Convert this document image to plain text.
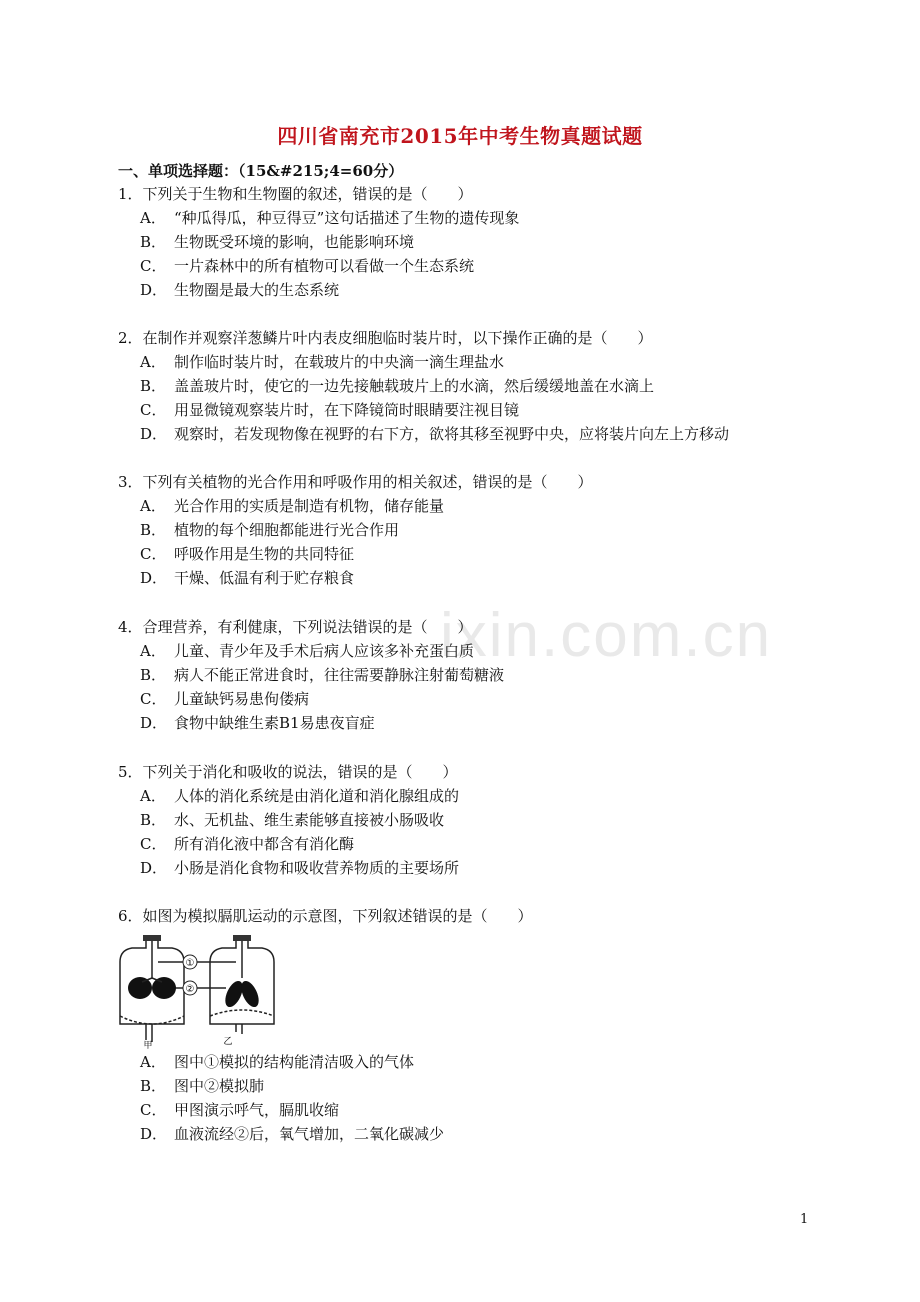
四川省南充市2015年中考生物真题试题
一、单项选择题：（15&#215;4=60分）
ixin.com.cn
1．下列关于生物和生物圈的叙述，错误的是（　　）
A． “种瓜得瓜，种豆得豆”这句话描述了生物的遗传现象
B． 生物既受环境的影响，也能影响环境
C． 一片森林中的所有植物可以看做一个生态系统
D． 生物圈是最大的生态系统
2．在制作并观察洋葱鳞片叶内表皮细胞临时装片时，以下操作正确的是（　　）
A． 制作临时装片时，在载玻片的中央滴一滴生理盐水
B． 盖盖玻片时，使它的一边先接触载玻片上的水滴，然后缓缓地盖在水滴上
C． 用显微镜观察装片时，在下降镜筒时眼睛要注视目镜
D． 观察时，若发现物像在视野的右下方，欲将其移至视野中央，应将装片向左上方移动
3．下列有关植物的光合作用和呼吸作用的相关叙述，错误的是（　　）
A． 光合作用的实质是制造有机物，储存能量
B． 植物的每个细胞都能进行光合作用
C． 呼吸作用是生物的共同特征
D． 干燥、低温有利于贮存粮食
4．合理营养，有利健康，下列说法错误的是（　　）
A． 儿童、青少年及手术后病人应该多补充蛋白质
B． 病人不能正常进食时，往往需要静脉注射葡萄糖液
C． 儿童缺钙易患佝偻病
D． 食物中缺维生素B1易患夜盲症
5．下列关于消化和吸收的说法，错误的是（　　）
A． 人体的消化系统是由消化道和消化腺组成的
B． 水、无机盐、维生素能够直接被小肠吸收
C． 所有消化液中都含有消化酶
D． 小肠是消化食物和吸收营养物质的主要场所
6．如图为模拟膈肌运动的示意图，下列叙述错误的是（　　）
①
②
甲	乙
A． 图中①模拟的结构能清洁吸入的气体
B． 图中②模拟肺
C． 甲图演示呼气，膈肌收缩
D． 血液流经②后，氧气增加，二氧化碳减少
1
